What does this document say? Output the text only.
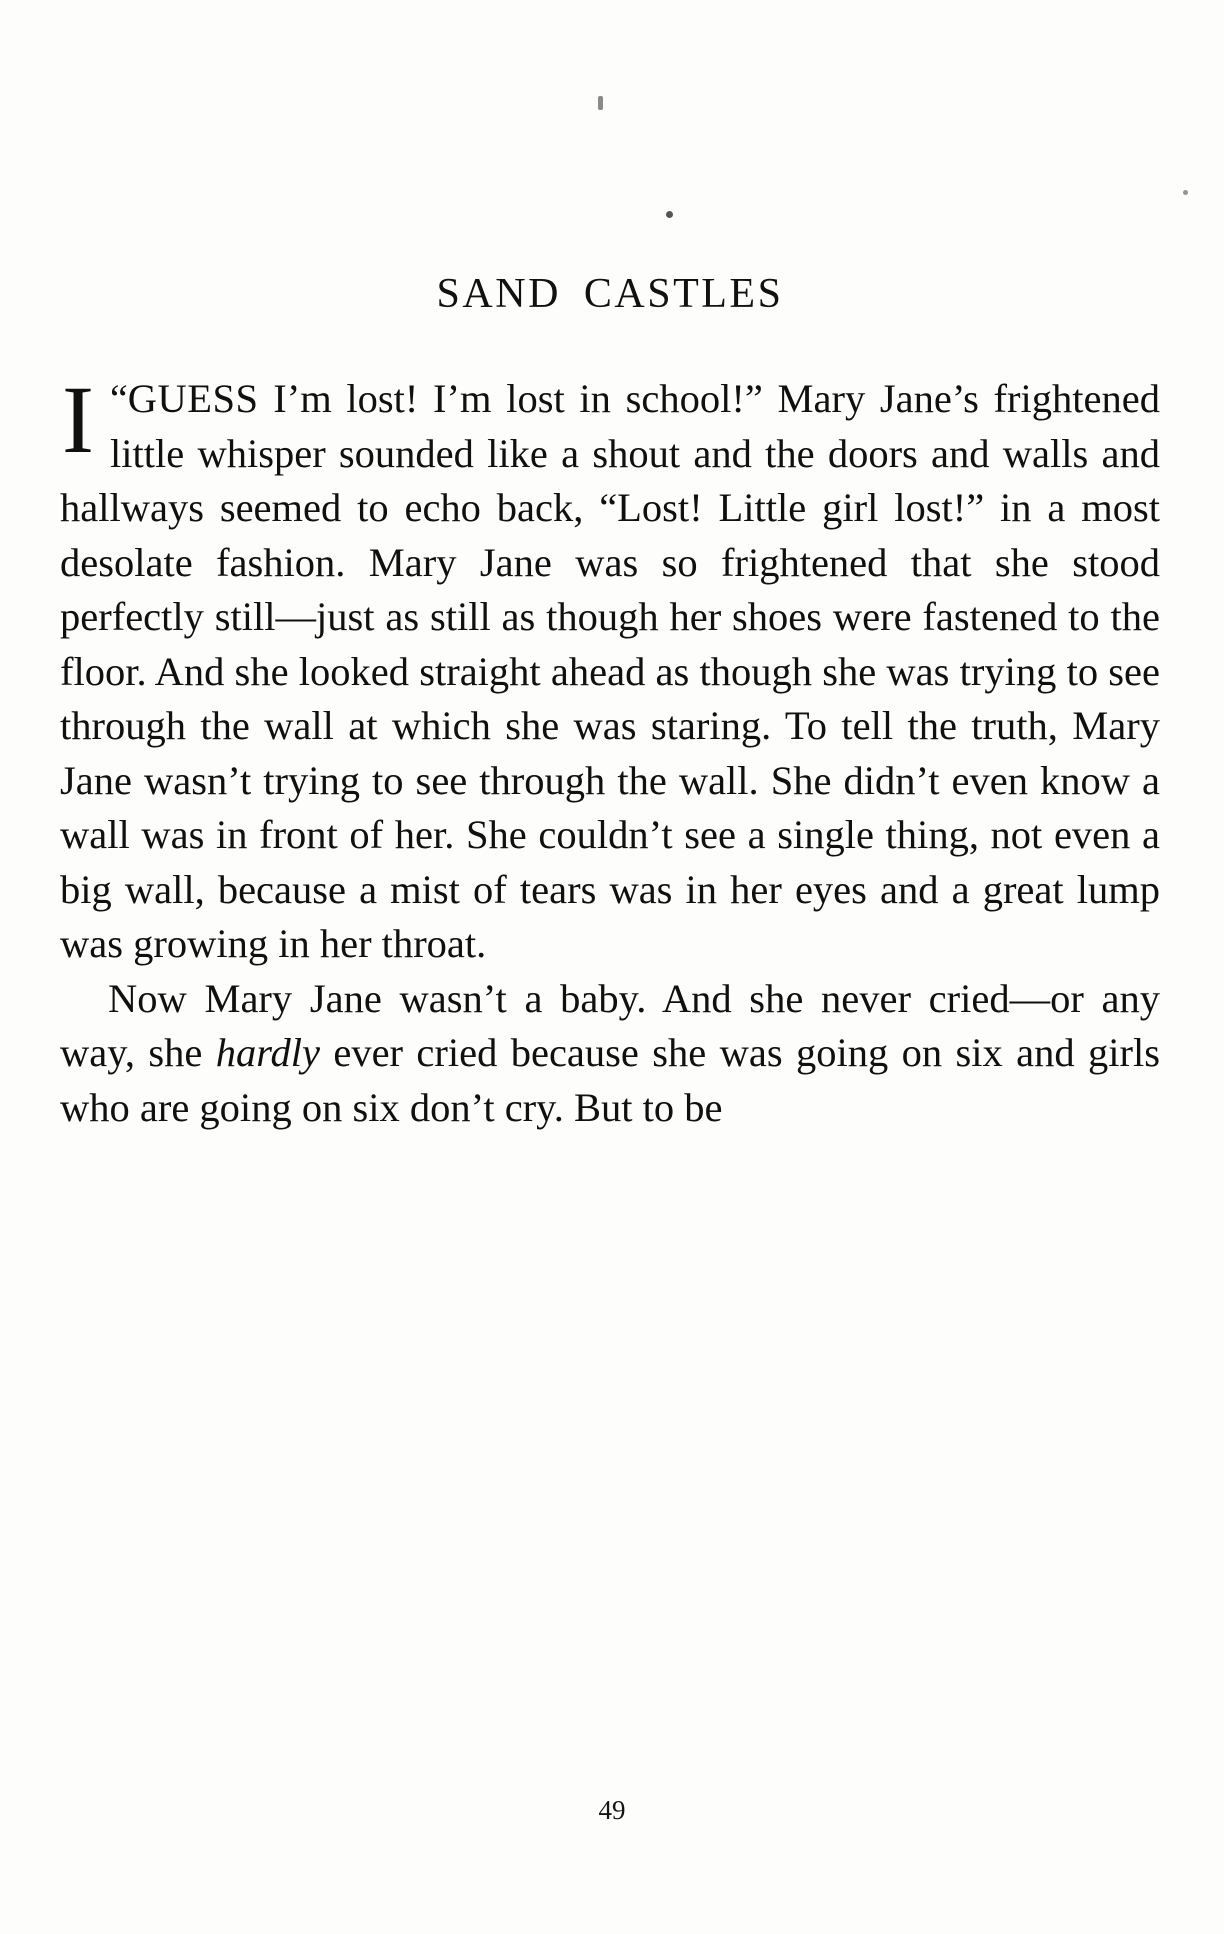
SAND CASTLES

“
I GUESS I’m lost! I’m lost in school!” Mary Jane’s frightened little whisper sounded like a shout and the doors and walls and hallways seemed to echo back, “Lost! Little girl lost!” in a most desolate fashion. Mary Jane was so frightened that she stood perfectly still—just as still as though her shoes were fastened to the floor. And she looked straight ahead as though she was trying to see through the wall at which she was staring. To tell the truth, Mary Jane wasn’t trying to see through the wall. She didn’t even know a wall was in front of her. She couldn’t see a single thing, not even a big wall, because a mist of tears was in her eyes and a great lump was growing in her throat.

Now Mary Jane wasn’t a baby. And she never cried—or any way, she hardly ever cried because she was going on six and girls who are going on six don’t cry. But to be

49
